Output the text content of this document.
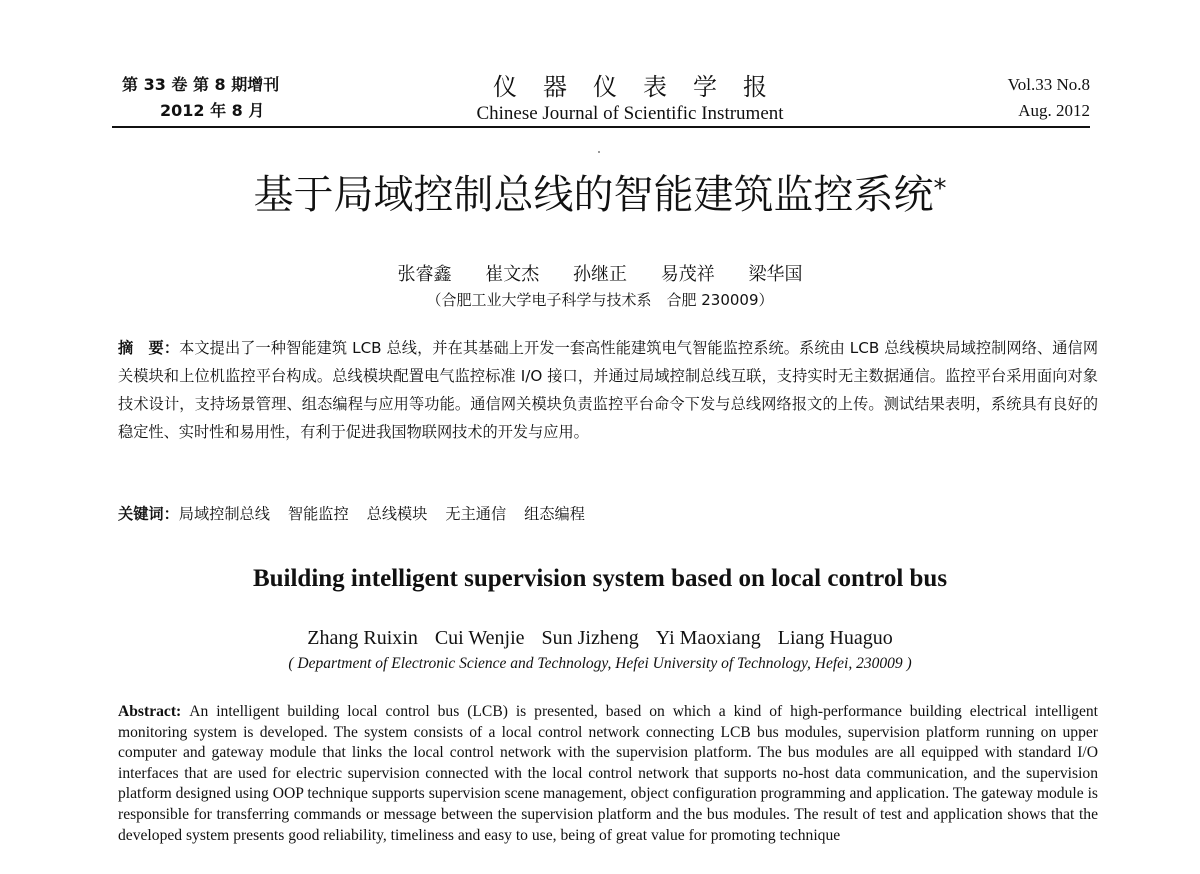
第 33 卷 第 8 期增刊
2012 年 8 月
仪器仪表学报
Chinese Journal of Scientific Instrument
Vol.33 No.8
Aug. 2012
基于局域控制总线的智能建筑监控系统*
张睿鑫 崔文杰 孙继正 易茂祥 梁华国
（合肥工业大学电子科学与技术系　合肥 230009）
摘　要：本文提出了一种智能建筑 LCB 总线，并在其基础上开发一套高性能建筑电气智能监控系统。系统由 LCB 总线模块局域控制网络、通信网关模块和上位机监控平台构成。总线模块配置电气监控标准 I/O 接口，并通过局域控制总线互联，支持实时无主数据通信。监控平台采用面向对象技术设计，支持场景管理、组态编程与应用等功能。通信网关模块负责监控平台命令下发与总线网络报文的上传。测试结果表明，系统具有良好的稳定性、实时性和易用性，有利于促进我国物联网技术的开发与应用。
关键词：局域控制总线 智能监控 总线模块 无主通信 组态编程
Building intelligent supervision system based on local control bus
Zhang Ruixin Cui Wenjie Sun Jizheng Yi Maoxiang Liang Huaguo
( Department of Electronic Science and Technology, Hefei University of Technology, Hefei, 230009 )
Abstract: An intelligent building local control bus (LCB) is presented, based on which a kind of high-performance building electrical intelligent monitoring system is developed. The system consists of a local control network connecting LCB bus modules, supervision platform running on upper computer and gateway module that links the local control network with the supervision platform. The bus modules are all equipped with standard I/O interfaces that are used for electric supervision connected with the local control network that supports no-host data communication, and the supervision platform designed using OOP technique supports supervision scene management, object configuration programming and application. The gateway module is responsible for transferring commands or message between the supervision platform and the bus modules. The result of test and application shows that the developed system presents good reliability, timeliness and easy to use, being of great value for promoting technique
